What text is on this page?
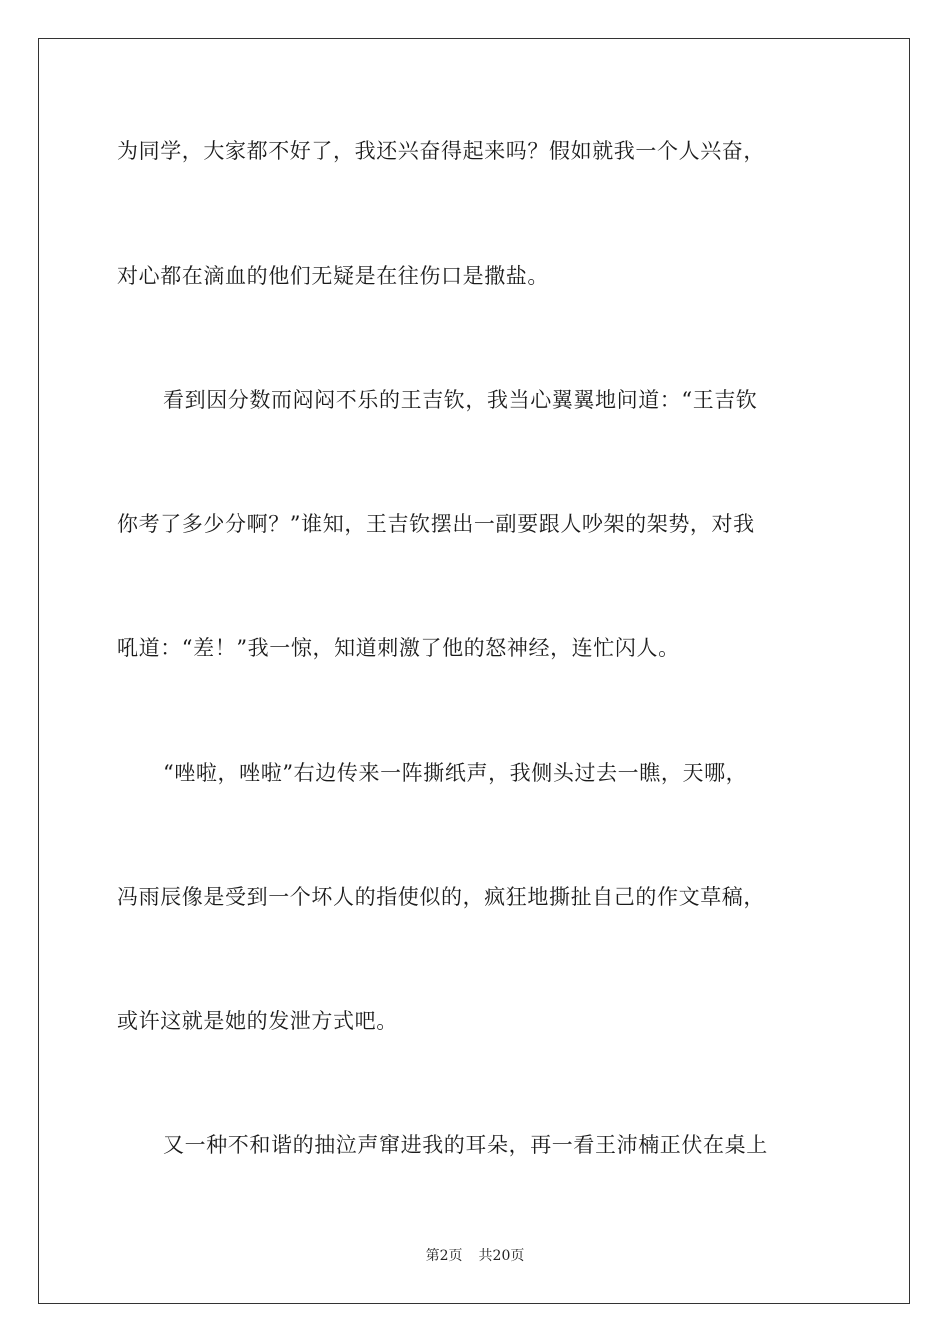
为同学，大家都不好了，我还兴奋得起来吗？假如就我一个人兴奋，
对心都在滴血的他们无疑是在往伤口是撒盐。
看到因分数而闷闷不乐的王吉钦，我当心翼翼地问道：“王吉钦
你考了多少分啊？”谁知，王吉钦摆出一副要跟人吵架的架势，对我
吼道：“差！”我一惊，知道刺激了他的怒神经，连忙闪人。
“唑啦，唑啦”右边传来一阵撕纸声，我侧头过去一瞧，天哪，
冯雨辰像是受到一个坏人的指使似的，疯狂地撕扯自己的作文草稿，
或许这就是她的发泄方式吧。
又一种不和谐的抽泣声窜进我的耳朵，再一看王沛楠正伏在桌上
第2页 共20页
